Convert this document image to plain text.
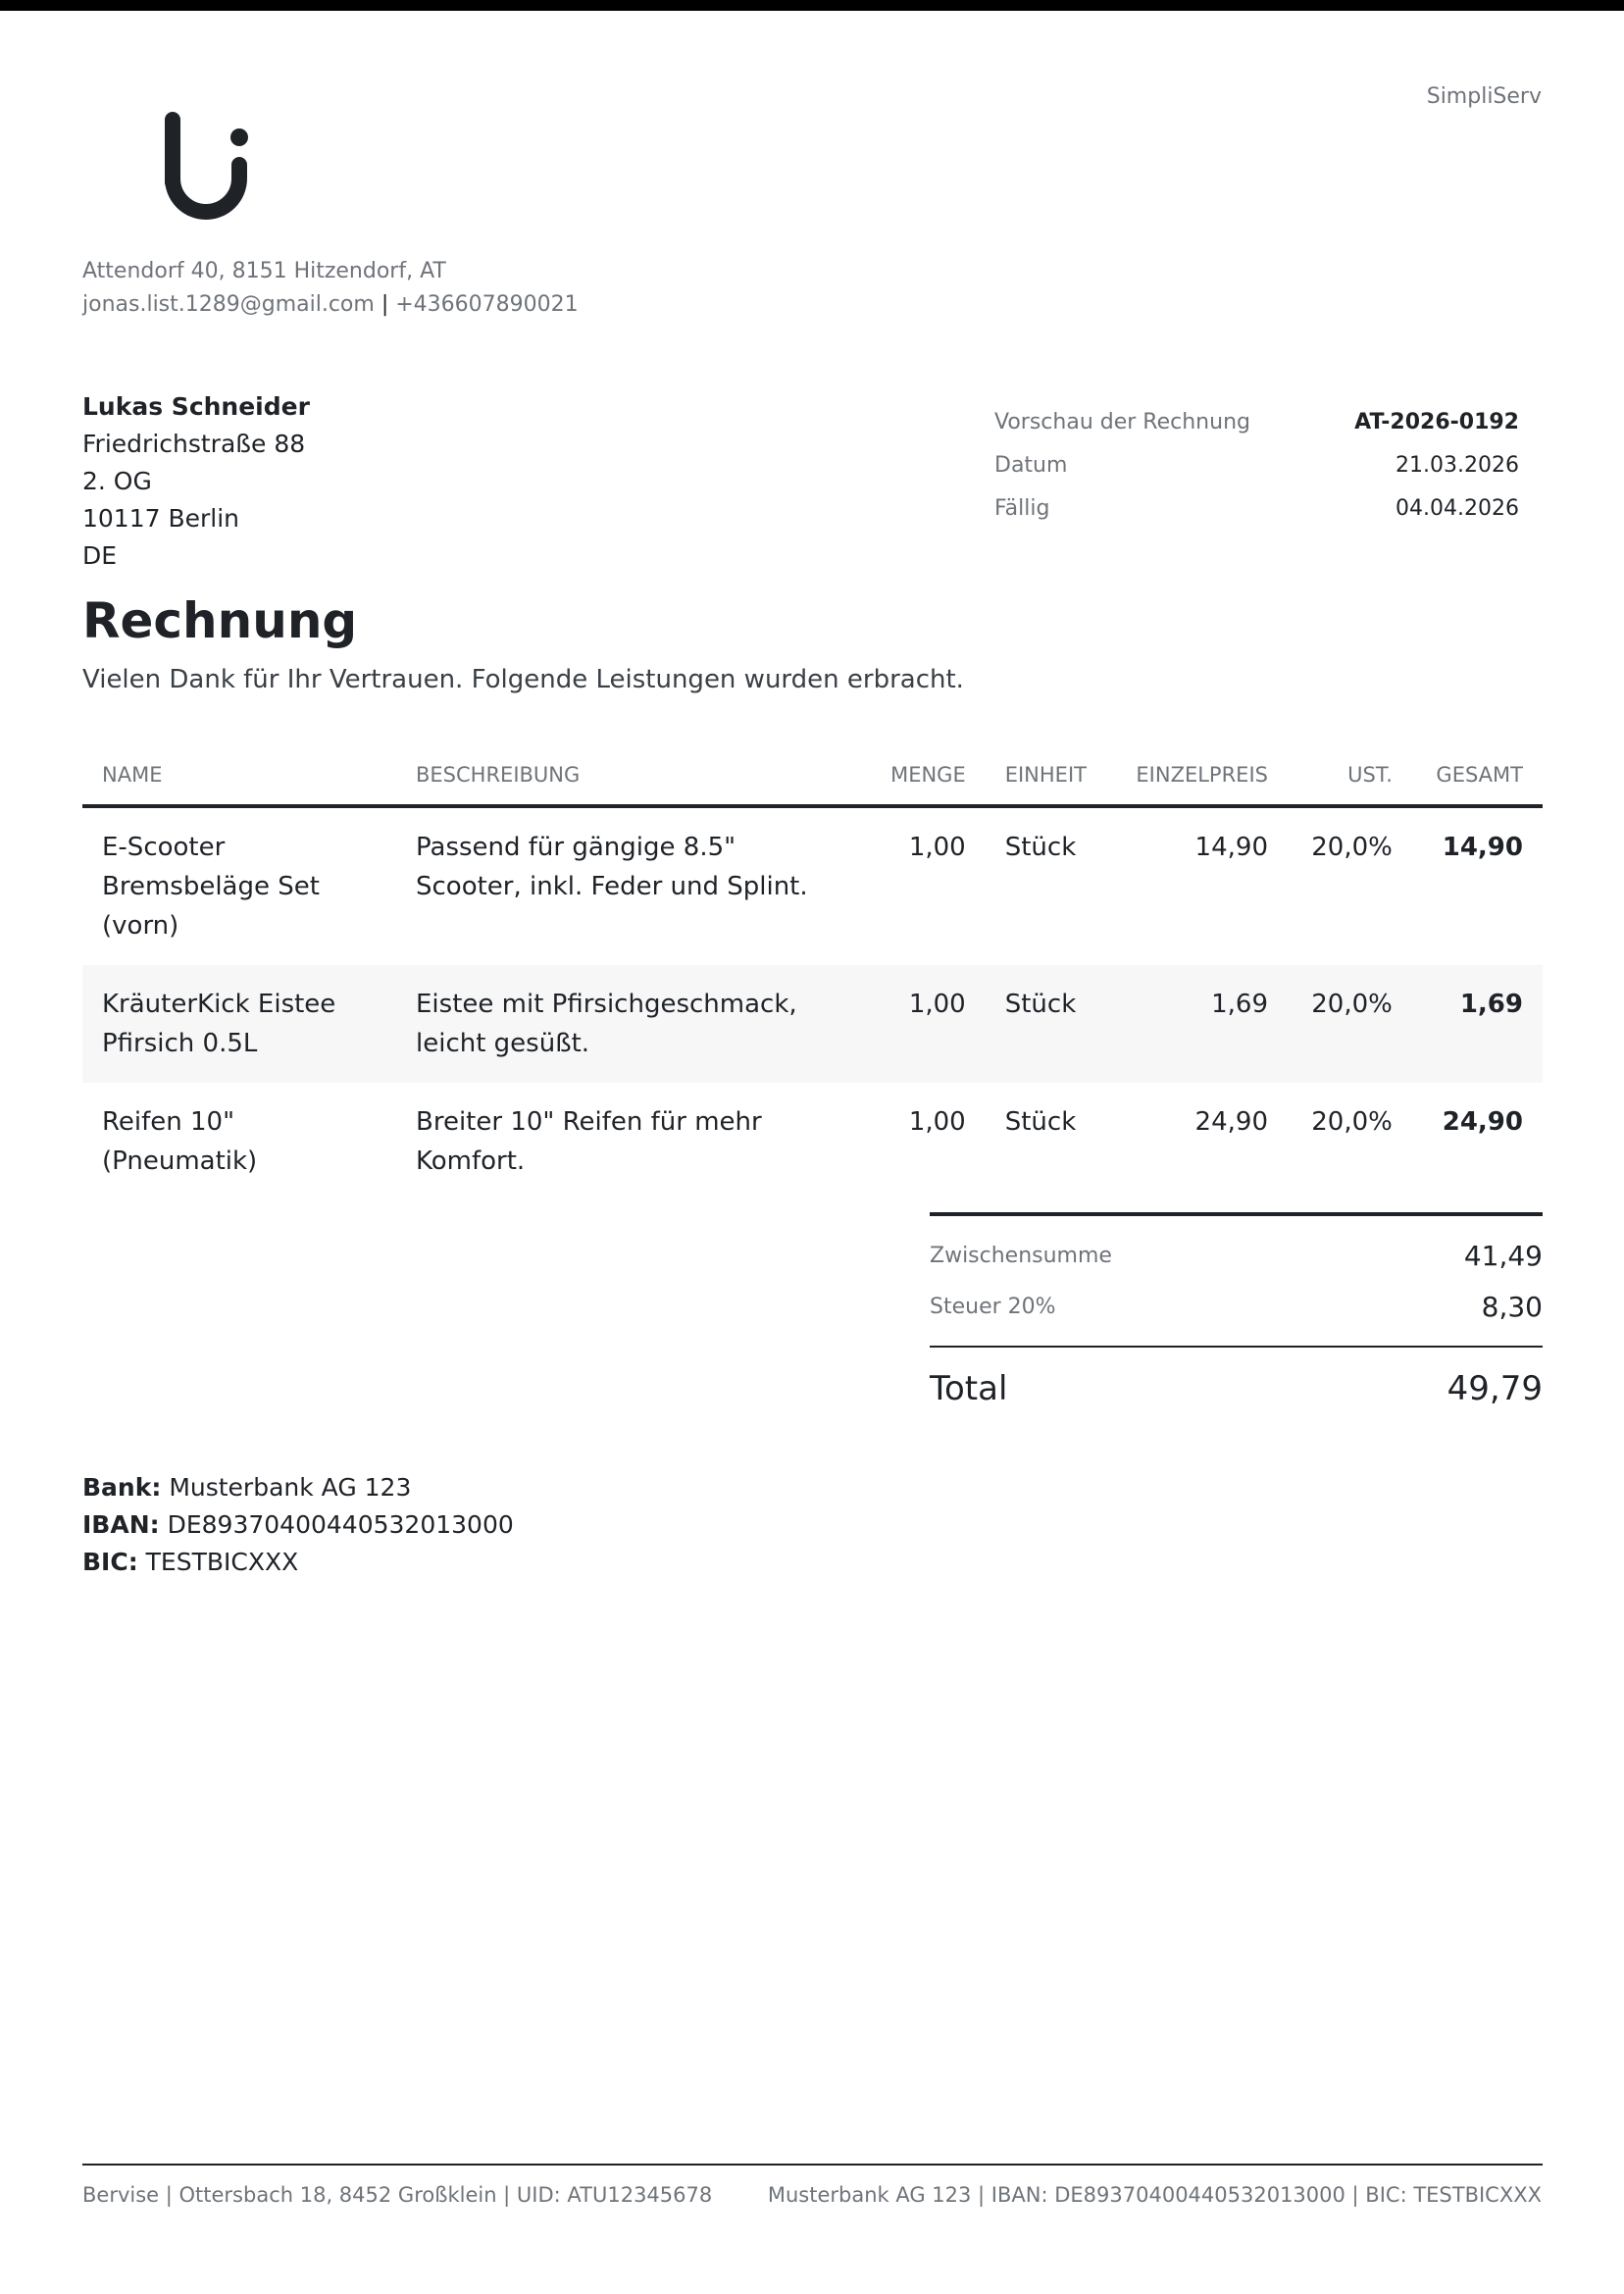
SimpliServ
Attendorf 40, 8151 Hitzendorf, AT
jonas.list.1289@gmail.com | +436607890021
Lukas Schneider
Friedrichstraße 88
2. OG
10117 Berlin
DE
Vorschau der Rechnung	AT-2026-0192
Datum	21.03.2026
Fällig	04.04.2026
Rechnung

Vielen Dank für Ihr Vertrauen. Folgende Leistungen wurden erbracht.

NAME	BESCHREIBUNG	MENGE	EINHEIT	EINZELPREIS	UST.	GESAMT
E-Scooter Bremsbeläge Set (vorn)	Passend für gängige 8.5" Scooter, inkl. Feder und Splint.	1,00	Stück	14,90	20,0%	14,90
KräuterKick Eistee Pfirsich 0.5L	Eistee mit Pfirsichgeschmack, leicht gesüßt.	1,00	Stück	1,69	20,0%	1,69
Reifen 10" (Pneumatik)	Breiter 10" Reifen für mehr Komfort.	1,00	Stück	24,90	20,0%	24,90
Zwischensumme	41,49
Steuer 20%	8,30
Total	49,79
Bank: Musterbank AG 123
IBAN: DE89370400440532013000
BIC: TESTBICXXX
Bervise | Ottersbach 18, 8452 Großklein | UID: ATU12345678	Musterbank AG 123 | IBAN: DE89370400440532013000 | BIC: TESTBICXXX
